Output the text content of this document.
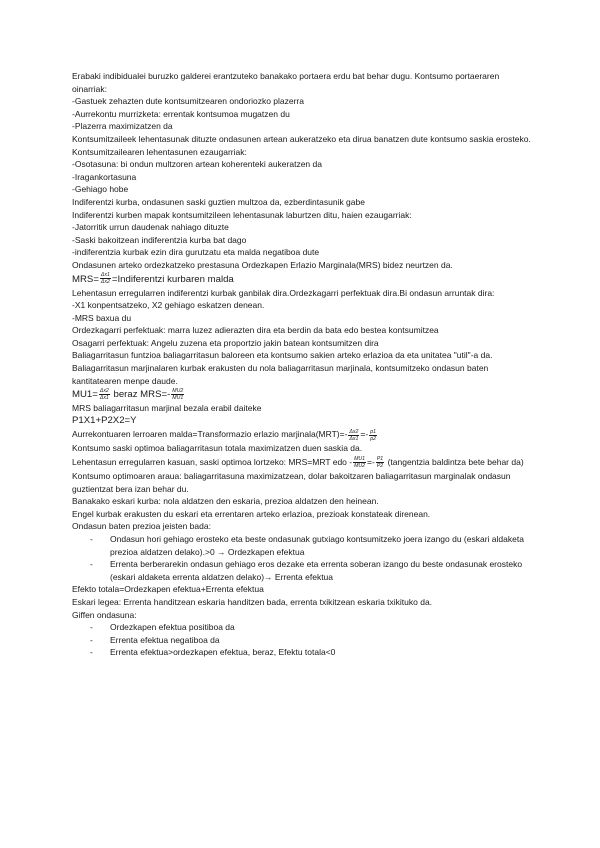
Erabaki indibidualei buruzko galderei erantzuteko banakako portaera erdu bat behar dugu. Kontsumo portaeraren oinarriak:

-Gastuek zehazten dute kontsumitzearen ondoriozko plazerra

-Aurrekontu murrizketa: errentak kontsumoa mugatzen du

-Plazerra maximizatzen da

Kontsumitzaileek lehentasunak dituzte ondasunen artean aukeratzeko eta dirua banatzen dute kontsumo saskia erosteko.

Kontsumitzailearen lehentasunen ezaugarriak:

-Osotasuna: bi ondun multzoren artean koherenteki aukeratzen da

-Iragankortasuna

-Gehiago hobe

Indiferentzi kurba, ondasunen saski guztien multzoa da, ezberdintasunik gabe

Indiferentzi kurben mapak kontsumitzileen lehentasunak laburtzen ditu, haien ezaugarriak:

-Jatorritik urrun daudenak nahiago dituzte

-Saski bakoitzean indiferentzia kurba bat dago

-indiferentzia kurbak ezin dira gurutzatu eta malda negatiboa dute

Ondasunen arteko ordezkatzeko prestasuna Ordezkapen Erlazio Marginala(MRS) bidez neurtzen da.

$MRS= \frac{\Delta x1}{\Delta x2}$ =Indiferentzi kurbaren malda

Lehentasun erregularren indiferentzi kurbak ganbilak dira.Ordezkagarri perfektuak dira.Bi ondasun arruntak dira:

-X1 konpentsatzeko, X2 gehiago eskatzen denean.

-MRS baxua du

Ordezkagarri perfektuak: marra luzez adierazten dira eta berdin da bata edo bestea kontsumitzea

Osagarri perfektuak: Angelu zuzena eta proportzio jakin batean kontsumitzen dira

Baliagarritasun funtzioa baliagarritasun baloreen eta kontsumo sakien arteko erlazioa da eta unitatea "util"-a da.

Baliagarritasun marjinalaren kurbak erakusten du nola baliagarritasun marjinala, kontsumitzeko ondasun baten kantitatearen menpe daude.

$MU1= \frac{\Delta x2}{\Delta x1}$ beraz $MRS=- \frac{MU2}{MU1}$

MRS baliagarritasun marjinal bezala erabil daiteke

P1X1+P2X2=Y

Aurrekontuaren lerroaren malda=Transformazio erlazio marjinala(MRT)=- $\frac{\Delta x2}{\Delta x1} =- \frac{p1}{p2}$

Kontsumo saski optimoa baliagarritasun totala maximizatzen duen saskia da.

Lehentasun erregularren kasuan, saski optimoa lortzeko: MRS=MRT edo - $\frac{MU1}{MU2} =- \frac{P1}{P2}$ (tangentzia baldintza bete behar da)

Kontsumo optimoaren araua: baliagarritasuna maximizatzean, dolar bakoitzaren baliagarritasun marginalak ondasun guztientzat bera izan behar du.

Banakako eskari kurba: nola aldatzen den eskaria, prezioa aldatzen den heinean.

Engel kurbak erakusten du eskari eta errentaren arteko erlazioa, prezioak konstateak direnean.

Ondasun baten prezioa jeisten bada:

- Ondasun hori gehiago erosteko eta beste ondasunak gutxiago kontsumitzeko joera izango du (eskari aldaketa prezioa aldatzen delako).>0 → Ordezkapen efektua
- Errenta berberarekin ondasun gehiago eros dezake eta errenta soberan izango du beste ondasunak erosteko (eskari aldaketa errenta aldatzen delako)→ Errenta efektua

Efekto totala=Ordezkapen efektua+Errenta efektua

Eskari legea: Errenta handitzean eskaria handitzen bada, errenta txikitzean eskaria txikituko da.

Giffen ondasuna:

- Ordezkapen efektua positiboa da
- Errenta efektua negatiboa da
- Errenta efektua>ordezkapen efektua, beraz, Efektu totala<0
